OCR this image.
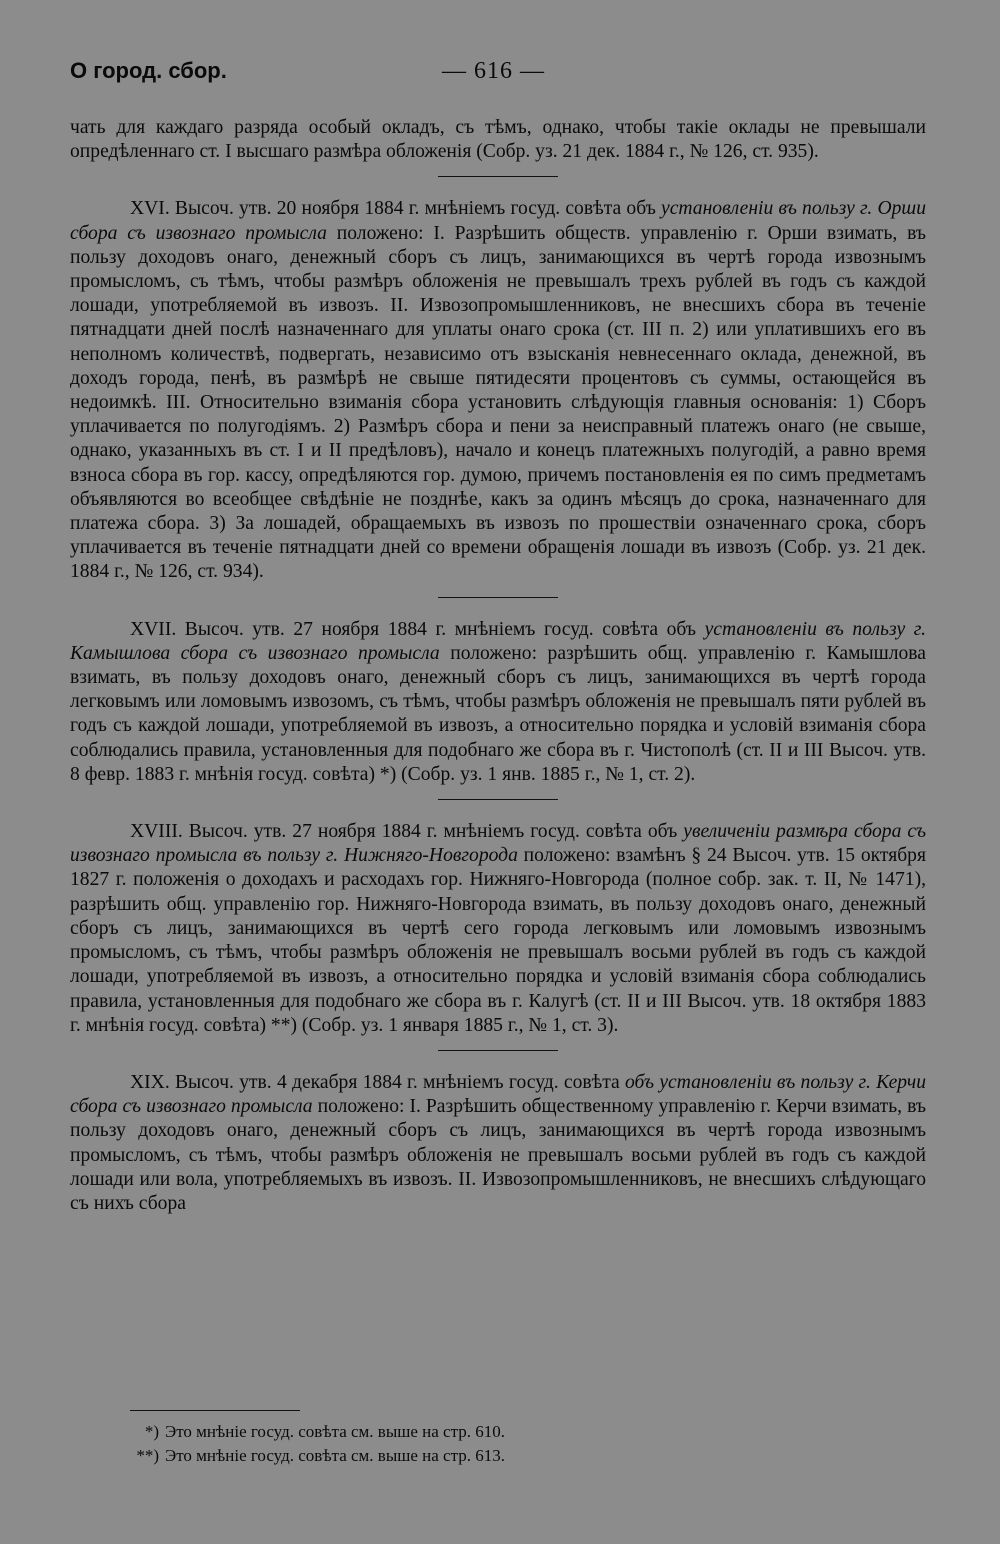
О город. сбор.	— 616 —

чать для каждаго разряда особый окладъ, съ тѣмъ, однако, чтобы такіе оклады не превышали опредѣленнаго ст. I высшаго размѣра обложенія (Собр. уз. 21 дек. 1884 г., № 126, ст. 935).

XVI. Высоч. утв. 20 ноября 1884 г. мнѣніемъ госуд. совѣта объ установленіи въ пользу г. Орши сбора съ извознаго промысла положено: I. Разрѣшить обществ. управленію г. Орши взимать, въ пользу доходовъ онаго, денежный сборъ съ лицъ, занимающихся въ чертѣ города извознымъ промысломъ, съ тѣмъ, чтобы размѣръ обложенія не превышалъ трехъ рублей въ годъ съ каждой лошади, употребляемой въ извозъ. II. Извозопромышленниковъ, не внесшихъ сбора въ теченіе пятнадцати дней послѣ назначеннаго для уплаты онаго срока (ст. III п. 2) или уплатившихъ его въ неполномъ количествѣ, подвергать, независимо отъ взысканія невнесеннаго оклада, денежной, въ доходъ города, пенѣ, въ размѣрѣ не свыше пятидесяти процентовъ съ суммы, остающейся въ недоимкѣ. III. Относительно взиманія сбора установить слѣдующія главныя основанія: 1) Сборъ уплачивается по полугодіямъ. 2) Размѣръ сбора и пени за неисправный платежъ онаго (не свыше, однако, указанныхъ въ ст. I и II предѣловъ), начало и конецъ платежныхъ полугодій, а равно время взноса сбора въ гор. кассу, опредѣляются гор. думою, причемъ постановленія ея по симъ предметамъ объявляются во всеобщее свѣдѣніе не позднѣе, какъ за одинъ мѣсяцъ до срока, назначеннаго для платежа сбора. 3) За лошадей, обращаемыхъ въ извозъ по прошествіи означеннаго срока, сборъ уплачивается въ теченіе пятнадцати дней со времени обращенія лошади въ извозъ (Собр. уз. 21 дек. 1884 г., № 126, ст. 934).

XVII. Высоч. утв. 27 ноября 1884 г. мнѣніемъ госуд. совѣта объ установленіи въ пользу г. Камышлова сбора съ извознаго промысла положено: разрѣшить общ. управленію г. Камышлова взимать, въ пользу доходовъ онаго, денежный сборъ съ лицъ, занимающихся въ чертѣ города легковымъ или ломовымъ извозомъ, съ тѣмъ, чтобы размѣръ обложенія не превышалъ пяти рублей въ годъ съ каждой лошади, употребляемой въ извозъ, а относительно порядка и условій взиманія сбора соблюдались правила, установленныя для подобнаго же сбора въ г. Чистополѣ (ст. II и III Высоч. утв. 8 февр. 1883 г. мнѣнія госуд. совѣта) *) (Собр. уз. 1 янв. 1885 г., № 1, ст. 2).

XVIII. Высоч. утв. 27 ноября 1884 г. мнѣніемъ госуд. совѣта объ увеличеніи размѣра сбора съ извознаго промысла въ пользу г. Нижняго-Новгорода положено: взамѣнъ § 24 Высоч. утв. 15 октября 1827 г. положенія о доходахъ и расходахъ гор. Нижняго-Новгорода (полное собр. зак. т. II, № 1471), разрѣшить общ. управленію гор. Нижняго-Новгорода взимать, въ пользу доходовъ онаго, денежный сборъ съ лицъ, занимающихся въ чертѣ сего города легковымъ или ломовымъ извознымъ промысломъ, съ тѣмъ, чтобы размѣръ обложенія не превышалъ восьми рублей въ годъ съ каждой лошади, употребляемой въ извозъ, а относительно порядка и условій взиманія сбора соблюдались правила, установленныя для подобнаго же сбора въ г. Калугѣ (ст. II и III Высоч. утв. 18 октября 1883 г. мнѣнія госуд. совѣта) **) (Собр. уз. 1 января 1885 г., № 1, ст. 3).

XIX. Высоч. утв. 4 декабря 1884 г. мнѣніемъ госуд. совѣта объ установленіи въ пользу г. Керчи сбора съ извознаго промысла положено: I. Разрѣшить общественному управленію г. Керчи взимать, въ пользу доходовъ онаго, денежный сборъ съ лицъ, занимающихся въ чертѣ города извознымъ промысломъ, съ тѣмъ, чтобы размѣръ обложенія не превышалъ восьми рублей въ годъ съ каждой лошади или вола, употребляемыхъ въ извозъ. II. Извозопромышленниковъ, не внесшихъ слѣдующаго съ нихъ сбора

*) Это мнѣніе госуд. совѣта см. выше на стр. 610.
**) Это мнѣніе госуд. совѣта см. выше на стр. 613.
